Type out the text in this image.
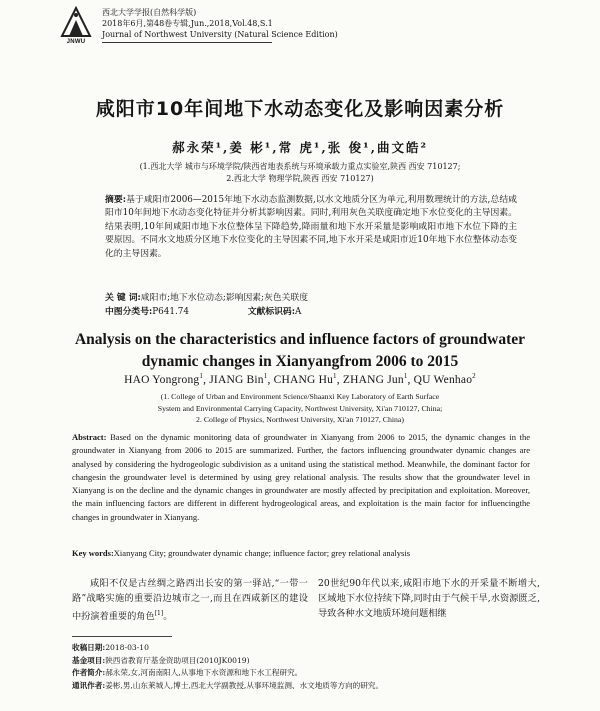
JNWU
西北大学学报(自然科学版)
2018年6月,第48卷专辑,Jun.,2018,Vol.48,S.1
Journal of Northwest University (Natural Science Edition)
咸阳市10年间地下水动态变化及影响因素分析
郝永荣¹,姜 彬¹,常 虎¹,张 俊¹,曲文皓²
(1.西北大学 城市与环境学院/陕西省地表系统与环境承载力重点实验室,陕西 西安 710127;
2.西北大学 物理学院,陕西 西安 710127)
摘要:基于咸阳市2006—2015年地下水动态监测数据,以水文地质分区为单元,利用数理统计的方法,总结咸阳市10年间地下水动态变化特征并分析其影响因素。同时,利用灰色关联度确定地下水位变化的主导因素。结果表明,10年间咸阳市地下水位整体呈下降趋势,降雨量和地下水开采量是影响咸阳市地下水位下降的主要原因。不同水文地质分区地下水位变化的主导因素不同,地下水开采是咸阳市近10年地下水位整体动态变化的主导因素。
关 键 词:咸阳市;地下水位动态;影响因素;灰色关联度
中图分类号:P641.74	文献标识码:A
Analysis on the characteristics and influence factors of groundwater dynamic changes in Xianyangfrom 2006 to 2015
HAO Yongrong$^1$, JIANG Bin$^1$, CHANG Hu$^1$, ZHANG Jun$^1$, QU Wenhao$^2$
(1. College of Urban and Environment Science/Shaanxi Key Laboratory of Earth Surface
System and Environmental Carrying Capacity, Northwest University, Xi'an 710127, China;
2. College of Physics, Northwest University, Xi'an 710127, China)
Abstract: Based on the dynamic monitoring data of groundwater in Xianyang from 2006 to 2015, the dynamic changes in the groundwater in Xianyang from 2006 to 2015 are summarized. Further, the factors influencing groundwater dynamic changes are analysed by considering the hydrogeologic subdivision as a unitand using the statistical method. Meanwhile, the dominant factor for changesin the groundwater level is determined by using grey relational analysis. The results show that the groundwater level in Xianyang is on the decline and the dynamic changes in groundwater are mostly affected by precipitation and exploitation. Moreover, the main influencing factors are different in different hydrogeological areas, and exploitation is the main factor for influencingthe changes in groundwater in Xianyang.
Key words:Xianyang City; groundwater dynamic change; influence factor; grey relational analysis
咸阳不仅是古丝绸之路西出长安的第一驿站,“一带一路”战略实施的重要沿边城市之一,而且在西咸新区的建设中扮演着重要的角色[1]。
20世纪90年代以来,咸阳市地下水的开采量不断增大,区域地下水位持续下降,同时由于气候干旱,水资源匮乏,导致各种水文地质环境问题相继
收稿日期:2018-03-10
基金项目:陕西省教育厅基金资助项目(2010JK0019)
作者简介:郝永荣,女,河南南阳人,从事地下水资源和地下水工程研究。
通讯作者:姜彬,男,山东莱城人,博士,西北大学副教授,从事环境监测、水文地质等方向的研究。
